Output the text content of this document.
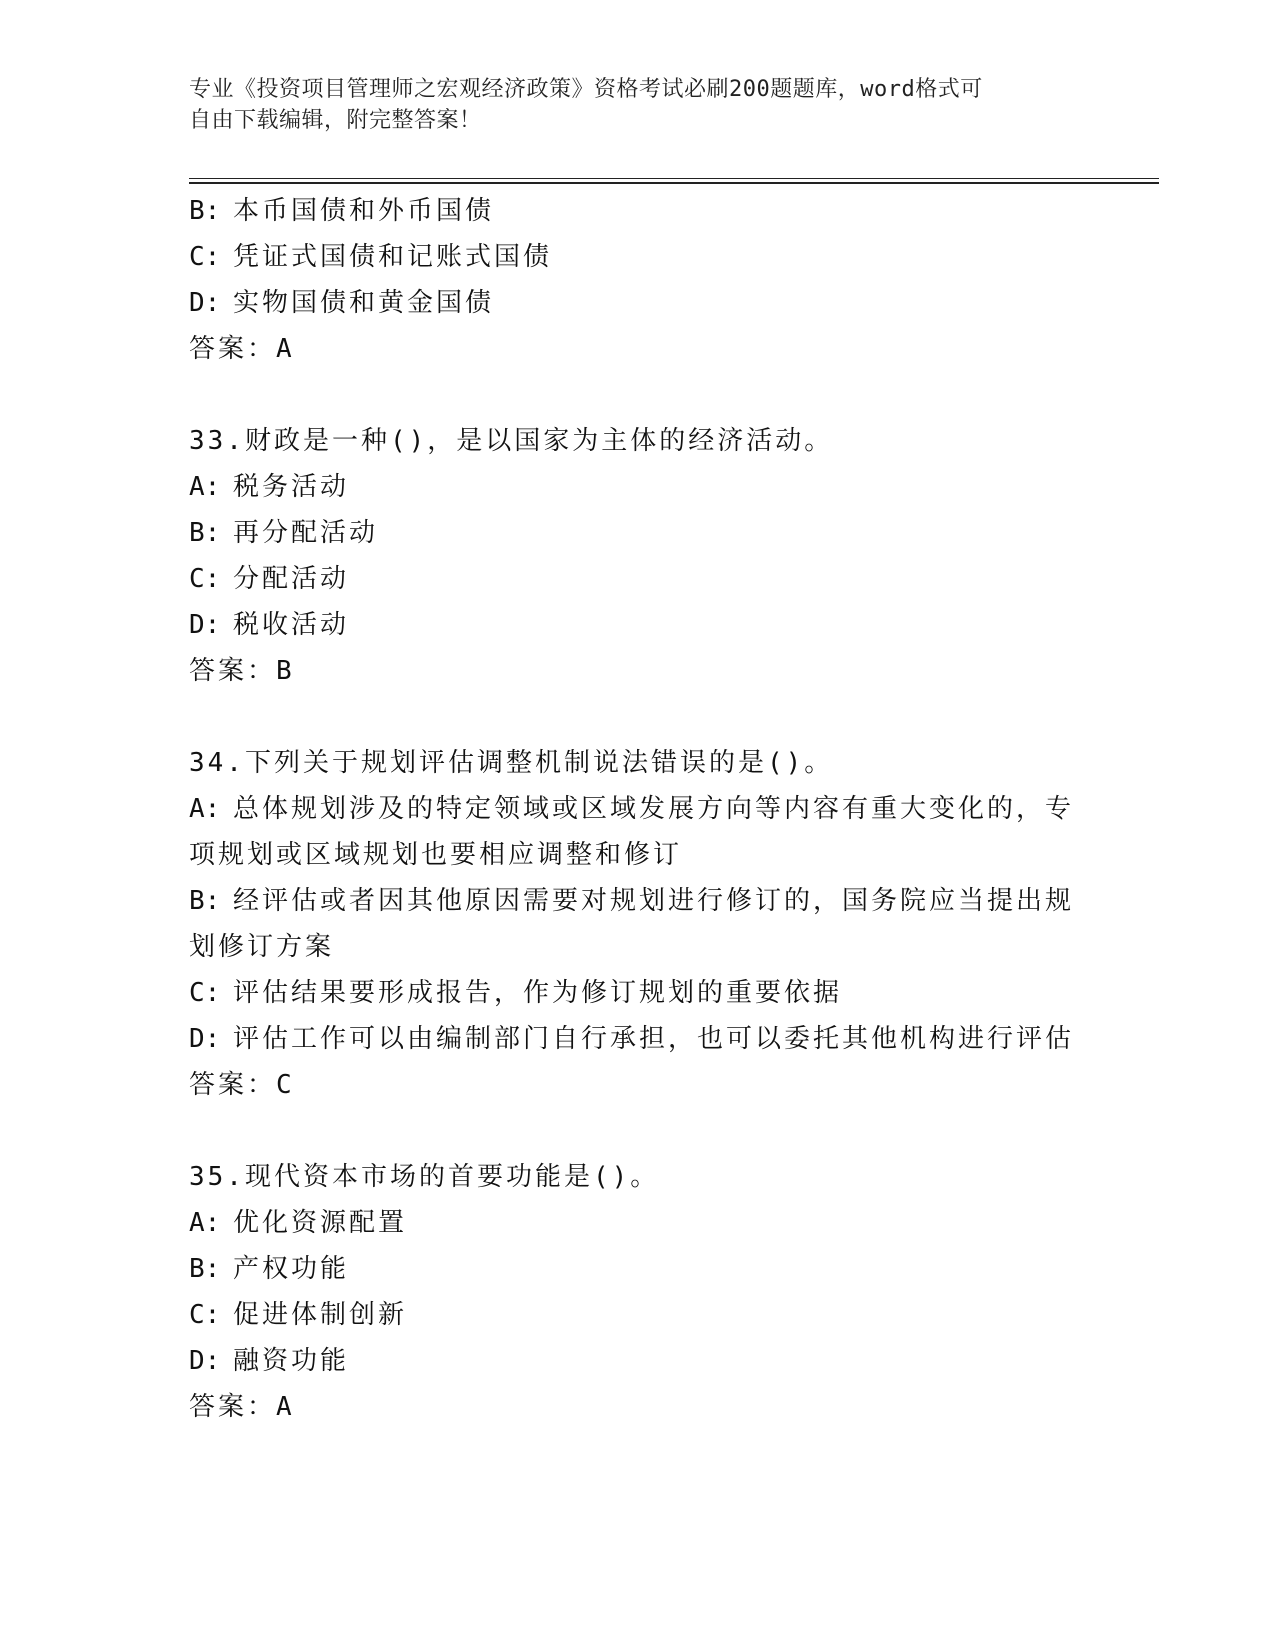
专业《投资项目管理师之宏观经济政策》资格考试必刷200题题库，word格式可
自由下载编辑，附完整答案！
B: 本币国债和外币国债
C: 凭证式国债和记账式国债
D: 实物国债和黄金国债
答案：A
33.财政是一种()，是以国家为主体的经济活动。
A: 税务活动
B: 再分配活动
C: 分配活动
D: 税收活动
答案：B
34.下列关于规划评估调整机制说法错误的是()。
A: 总体规划涉及的特定领域或区域发展方向等内容有重大变化的，专
项规划或区域规划也要相应调整和修订
B: 经评估或者因其他原因需要对规划进行修订的，国务院应当提出规
划修订方案
C: 评估结果要形成报告，作为修订规划的重要依据
D: 评估工作可以由编制部门自行承担，也可以委托其他机构进行评估
答案：C
35.现代资本市场的首要功能是()。
A: 优化资源配置
B: 产权功能
C: 促进体制创新
D: 融资功能
答案：A
